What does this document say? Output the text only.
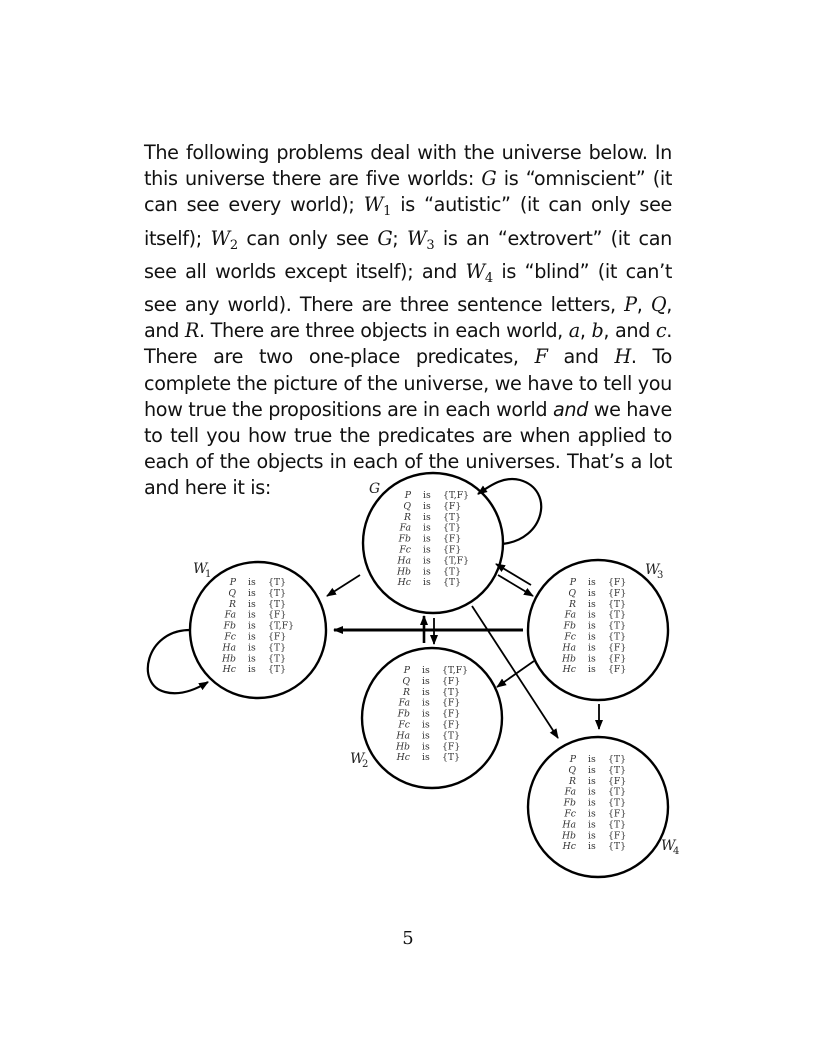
The following problems deal with the universe below. In this universe there are five worlds: G is “omniscient” (it can see every world); $W_1$ is “autistic” (it can only see itself); $W_2$ can only see G; $W_3$ is an “extrovert” (it can see all worlds except itself); and $W_4$ is “blind” (it can’t see any world). There are three sentence letters, P, Q, and R. There are three objects in each world, a, b, and c. There are two one-place predicates, F and H. To complete the picture of the universe, we have to tell you how true the propositions are in each world and we have to tell you how true the predicates are when applied to each of the objects in each of the universes. That’s a lot and here it is:	G	P is {T,F}
Q is {F}
R is {T}
Fa is {T}
Fb is {F}
Fc is {F}
Ha is {T,F}
Hb is {T}
Hc is {T}
W
1
P is {T}
Q is {T}
R is {T}
Fa is {F}
Fb is {T,F}
Fc is {F}
Ha is {T}
Hb is {T}
Hc is {T}
W
2
P is {T,F}
Q is {F}
R is {T}
Fa is {F}
Fb is {F}
Fc is {F}
Ha is {T}
Hb is {F}
Hc is {T}
W
3
P is {F}
Q is {F}
R is {T}
Fa is {T}
Fb is {T}
Fc is {T}
Ha is {F}
Hb is {F}
Hc is {F}
W
4
P is {T}
Q is {T}
R is {F}
Fa is {T}
Fb is {T}
Fc is {F}
Ha is {T}
Hb is {F}
Hc is {T}
5
